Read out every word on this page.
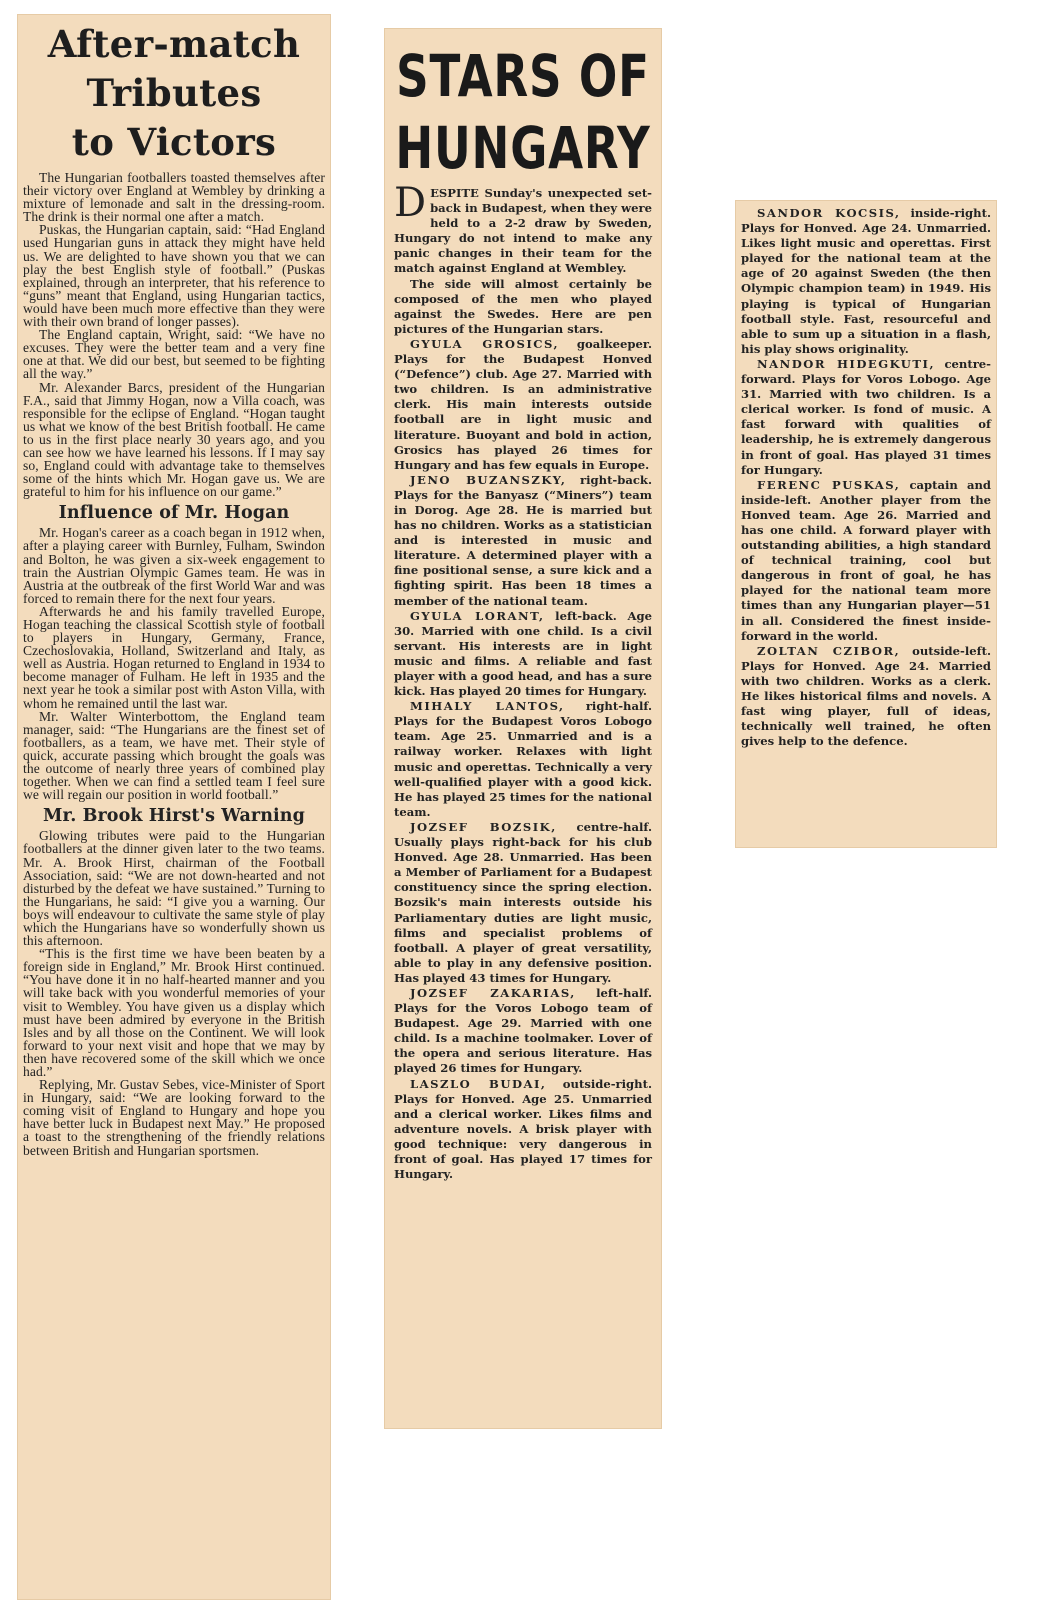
After-match
Tributes
to Victors

The Hungarian footballers toasted themselves after their victory over England at Wembley by drinking a mixture of lemonade and salt in the dressing-room. The drink is their normal one after a match.

Puskas, the Hungarian captain, said: “Had England used Hungarian guns in attack they might have held us. We are delighted to have shown you that we can play the best English style of football.” (Puskas explained, through an interpreter, that his reference to “guns” meant that England, using Hungarian tactics, would have been much more effective than they were with their own brand of longer passes).

The England captain, Wright, said: “We have no excuses. They were the better team and a very fine one at that. We did our best, but seemed to be fighting all the way.”

Mr. Alexander Barcs, president of the Hungarian F.A., said that Jimmy Hogan, now a Villa coach, was responsible for the eclipse of England. “Hogan taught us what we know of the best British football. He came to us in the first place nearly 30 years ago, and you can see how we have learned his lessons. If I may say so, England could with advantage take to themselves some of the hints which Mr. Hogan gave us. We are grateful to him for his influence on our game.”

Influence of Mr. Hogan

Mr. Hogan's career as a coach began in 1912 when, after a playing career with Burnley, Fulham, Swindon and Bolton, he was given a six-week engagement to train the Austrian Olympic Games team. He was in Austria at the outbreak of the first World War and was forced to remain there for the next four years.

Afterwards he and his family travelled Europe, Hogan teaching the classical Scottish style of football to players in Hungary, Germany, France, Czechoslovakia, Holland, Switzerland and Italy, as well as Austria. Hogan returned to England in 1934 to become manager of Fulham. He left in 1935 and the next year he took a similar post with Aston Villa, with whom he remained until the last war.

Mr. Walter Winterbottom, the England team manager, said: “The Hungarians are the finest set of footballers, as a team, we have met. Their style of quick, accurate passing which brought the goals was the outcome of nearly three years of combined play together. When we can find a settled team I feel sure we will regain our position in world football.”

Mr. Brook Hirst's Warning

Glowing tributes were paid to the Hungarian footballers at the dinner given later to the two teams. Mr. A. Brook Hirst, chairman of the Football Association, said: “We are not down-hearted and not disturbed by the defeat we have sustained.” Turning to the Hungarians, he said: “I give you a warning. Our boys will endeavour to cultivate the same style of play which the Hungarians have so wonderfully shown us this afternoon.

“This is the first time we have been beaten by a foreign side in England,” Mr. Brook Hirst continued. “You have done it in no half-hearted manner and you will take back with you wonderful memories of your visit to Wembley. You have given us a display which must have been admired by everyone in the British Isles and by all those on the Continent. We will look forward to your next visit and hope that we may by then have recovered some of the skill which we once had.”

Replying, Mr. Gustav Sebes, vice-Minister of Sport in Hungary, said: “We are looking forward to the coming visit of England to Hungary and hope you have better luck in Budapest next May.” He proposed a toast to the strengthening of the friendly relations between British and Hungarian sportsmen.

STARS OF
HUNGARY

DESPITE Sunday's unexpected set-back in Budapest, when they were held to a 2-2 draw by Sweden, Hungary do not intend to make any panic changes in their team for the match against England at Wembley.

The side will almost certainly be composed of the men who played against the Swedes. Here are pen pictures of the Hungarian stars.

GYULA GROSICS, goalkeeper. Plays for the Budapest Honved (“Defence”) club. Age 27. Married with two children. Is an administrative clerk. His main interests outside football are in light music and literature. Buoyant and bold in action, Grosics has played 26 times for Hungary and has few equals in Europe.

JENO BUZANSZKY, right-back. Plays for the Banyasz (“Miners”) team in Dorog. Age 28. He is married but has no children. Works as a statistician and is interested in music and literature. A determined player with a fine positional sense, a sure kick and a fighting spirit. Has been 18 times a member of the national team.

GYULA LORANT, left-back. Age 30. Married with one child. Is a civil servant. His interests are in light music and films. A reliable and fast player with a good head, and has a sure kick. Has played 20 times for Hungary.

MIHALY LANTOS, right-half. Plays for the Budapest Voros Lobogo team. Age 25. Unmarried and is a railway worker. Relaxes with light music and operettas. Technically a very well-qualified player with a good kick. He has played 25 times for the national team.

JOZSEF BOZSIK, centre-half. Usually plays right-back for his club Honved. Age 28. Unmarried. Has been a Member of Parliament for a Budapest constituency since the spring election. Bozsik's main interests outside his Parliamentary duties are light music, films and specialist problems of football. A player of great versatility, able to play in any defensive position. Has played 43 times for Hungary.

JOZSEF ZAKARIAS, left-half. Plays for the Voros Lobogo team of Budapest. Age 29. Married with one child. Is a machine toolmaker. Lover of the opera and serious literature. Has played 26 times for Hungary.

LASZLO BUDAI, outside-right. Plays for Honved. Age 25. Unmarried and a clerical worker. Likes films and adventure novels. A brisk player with good technique: very dangerous in front of goal. Has played 17 times for Hungary.

SANDOR KOCSIS, inside-right. Plays for Honved. Age 24. Unmarried. Likes light music and operettas. First played for the national team at the age of 20 against Sweden (the then Olympic champion team) in 1949. His playing is typical of Hungarian football style. Fast, resourceful and able to sum up a situation in a flash, his play shows originality.

NANDOR HIDEGKUTI, centre-forward. Plays for Voros Lobogo. Age 31. Married with two children. Is a clerical worker. Is fond of music. A fast forward with qualities of leadership, he is extremely dangerous in front of goal. Has played 31 times for Hungary.

FERENC PUSKAS, captain and inside-left. Another player from the Honved team. Age 26. Married and has one child. A forward player with outstanding abilities, a high standard of technical training, cool but dangerous in front of goal, he has played for the national team more times than any Hungarian player—51 in all. Considered the finest inside-forward in the world.

ZOLTAN CZIBOR, outside-left. Plays for Honved. Age 24. Married with two children. Works as a clerk. He likes historical films and novels. A fast wing player, full of ideas, technically well trained, he often gives help to the defence.
